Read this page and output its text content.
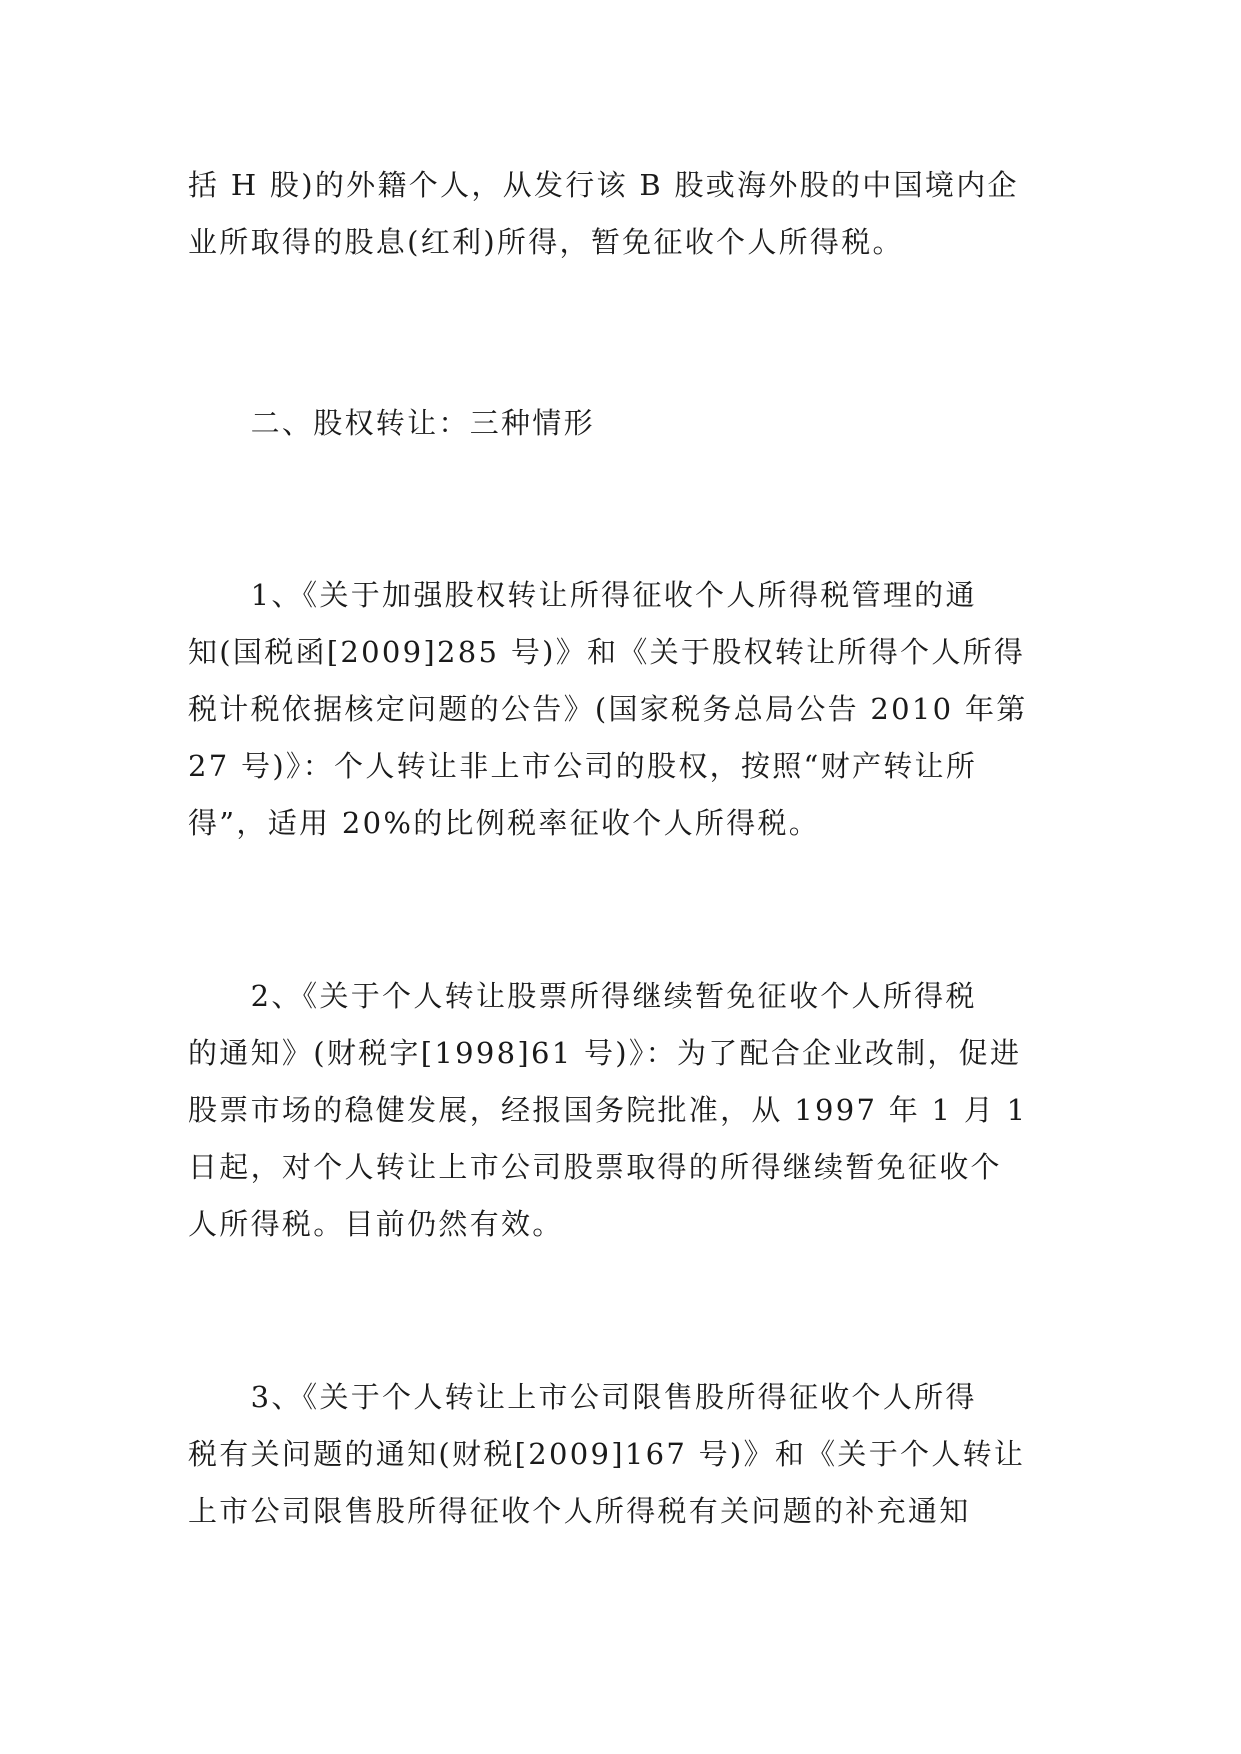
括 H 股)的外籍个人，从发行该 B 股或海外股的中国境内企
业所取得的股息(红利)所得，暂免征收个人所得税。

　　二、股权转让：三种情形

　　1、《关于加强股权转让所得征收个人所得税管理的通
知(国税函[2009]285 号)》和《关于股权转让所得个人所得
税计税依据核定问题的公告》(国家税务总局公告 2010 年第
27 号)》：个人转让非上市公司的股权，按照“财产转让所
得”，适用 20%的比例税率征收个人所得税。

　　2、《关于个人转让股票所得继续暂免征收个人所得税
的通知》(财税字[1998]61 号)》：为了配合企业改制，促进
股票市场的稳健发展，经报国务院批准，从 1997 年 1 月 1
日起，对个人转让上市公司股票取得的所得继续暂免征收个
人所得税。目前仍然有效。

　　3、《关于个人转让上市公司限售股所得征收个人所得
税有关问题的通知(财税[2009]167 号)》和《关于个人转让
上市公司限售股所得征收个人所得税有关问题的补充通知
